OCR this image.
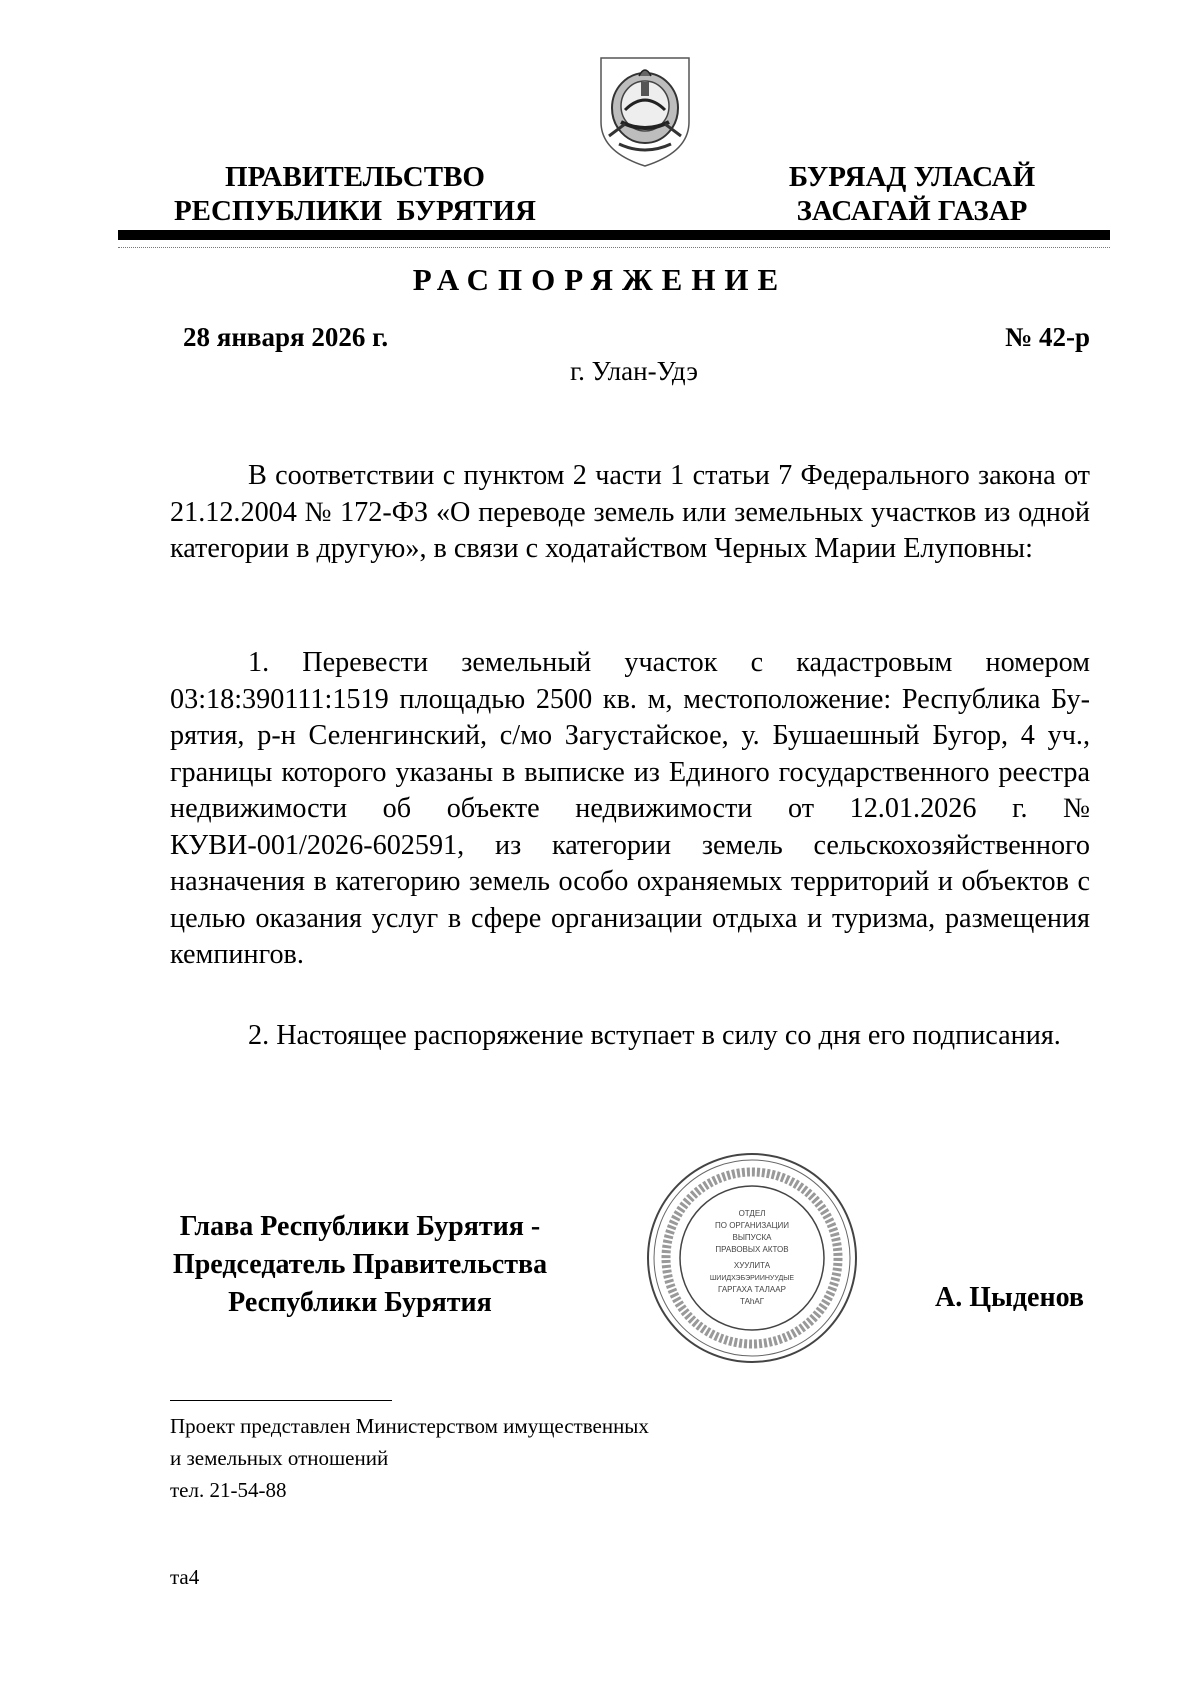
ПРАВИТЕЛЬСТВО
РЕСПУБЛИКИ  БУРЯТИЯ
БУРЯАД УЛАСАЙ
ЗАСАГАЙ ГАЗАР
РАСПОРЯЖЕНИЕ
28 января 2026 г.	№ 42-р
г. Улан-Удэ
В соответствии с пунктом 2 части 1 статьи 7 Федерального закона от 21.12.2004 № 172-ФЗ «О переводе земель или земельных участков из одной категории в другую», в связи с ходатайством Черных Марии Елуповны:
1. Перевести земельный участок с кадастровым номером 03:18:390111:1519 площадью 2500 кв. м, местоположение: Республика Бурятия, р-н Селенгинский, с/мо Загустайское, у. Бушаешный Бугор, 4 уч., границы которого указаны в выписке из Единого государственного реестра недвижимости об объекте недвижимости от 12.01.2026 г. № КУВИ-001/2026-602591, из категории земель сельскохозяйственного назначения в категорию земель особо охраняемых территорий и объектов с целью оказания услуг в сфере организации отдыха и туризма, размещения кемпингов.
2. Настоящее распоряжение вступает в силу со дня его подписания.
Глава Республики Бурятия -
Председатель Правительства
Республики Бурятия
ОТДЕЛ
ПО ОРГАНИЗАЦИИ
ВЫПУСКА
ПРАВОВЫХ АКТОВ
ХУУЛИТА
ШИИДХЭБЭРИИНУУДЫЕ
ГАРГАХА ТАЛААР
ТАһАГ	А. Цыденов
Проект представлен Министерством имущественных
и земельных отношений
тел. 21-54-88
та4
